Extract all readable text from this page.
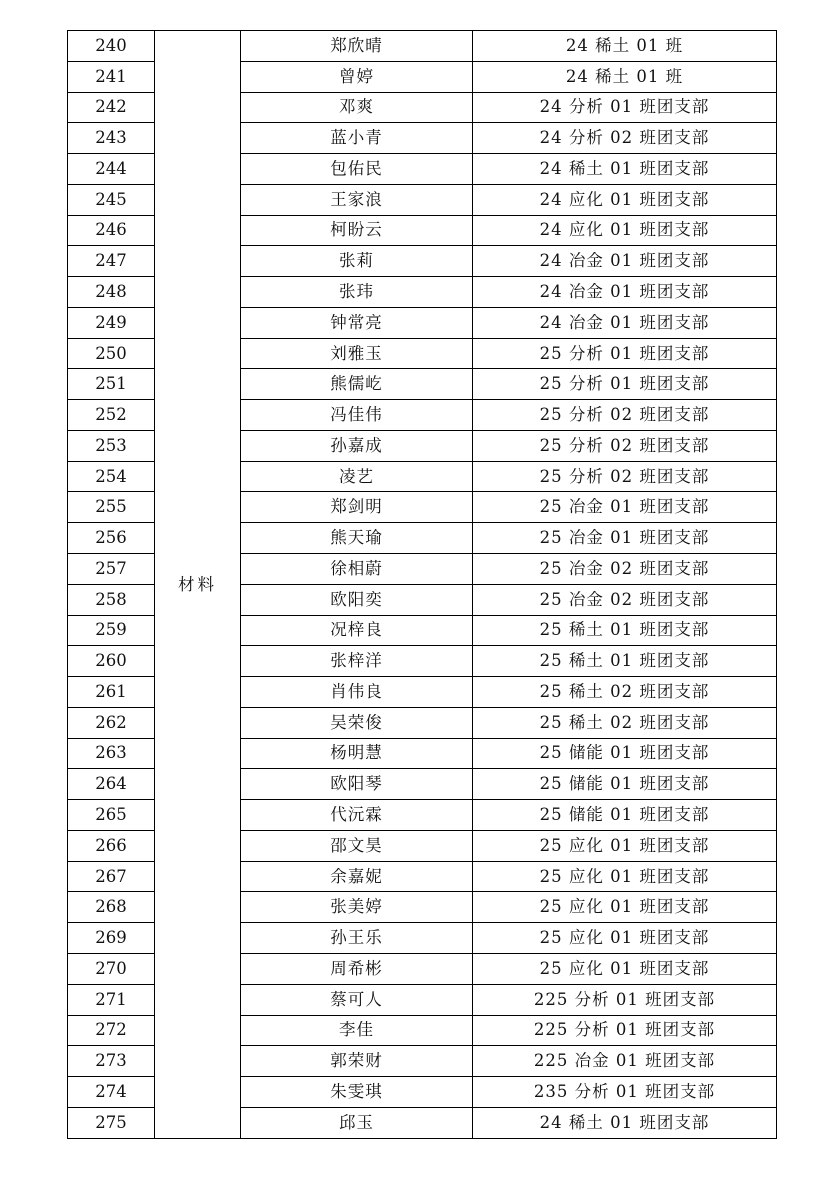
240	材料	郑欣晴	24 稀土 01 班
241		曾婷	24 稀土 01 班
242		邓爽	24 分析 01 班团支部
243		蓝小青	24 分析 02 班团支部
244		包佑民	24 稀土 01 班团支部
245		王家浪	24 应化 01 班团支部
246		柯盼云	24 应化 01 班团支部
247		张莉	24 冶金 01 班团支部
248		张玮	24 冶金 01 班团支部
249		钟常亮	24 冶金 01 班团支部
250		刘雅玉	25 分析 01 班团支部
251		熊儒屹	25 分析 01 班团支部
252		冯佳伟	25 分析 02 班团支部
253		孙嘉成	25 分析 02 班团支部
254		凌艺	25 分析 02 班团支部
255		郑剑明	25 冶金 01 班团支部
256		熊天瑜	25 冶金 01 班团支部
257		徐相蔚	25 冶金 02 班团支部
258		欧阳奕	25 冶金 02 班团支部
259		况梓良	25 稀土 01 班团支部
260		张梓洋	25 稀土 01 班团支部
261		肖伟良	25 稀土 02 班团支部
262		吴荣俊	25 稀土 02 班团支部
263		杨明慧	25 储能 01 班团支部
264		欧阳琴	25 储能 01 班团支部
265		代沅霖	25 储能 01 班团支部
266		邵文昊	25 应化 01 班团支部
267		余嘉妮	25 应化 01 班团支部
268		张美婷	25 应化 01 班团支部
269		孙王乐	25 应化 01 班团支部
270		周希彬	25 应化 01 班团支部
271		蔡可人	225 分析 01 班团支部
272		李佳	225 分析 01 班团支部
273		郭荣财	225 冶金 01 班团支部
274		朱雯琪	235 分析 01 班团支部
275		邱玉	24 稀土 01 班团支部
